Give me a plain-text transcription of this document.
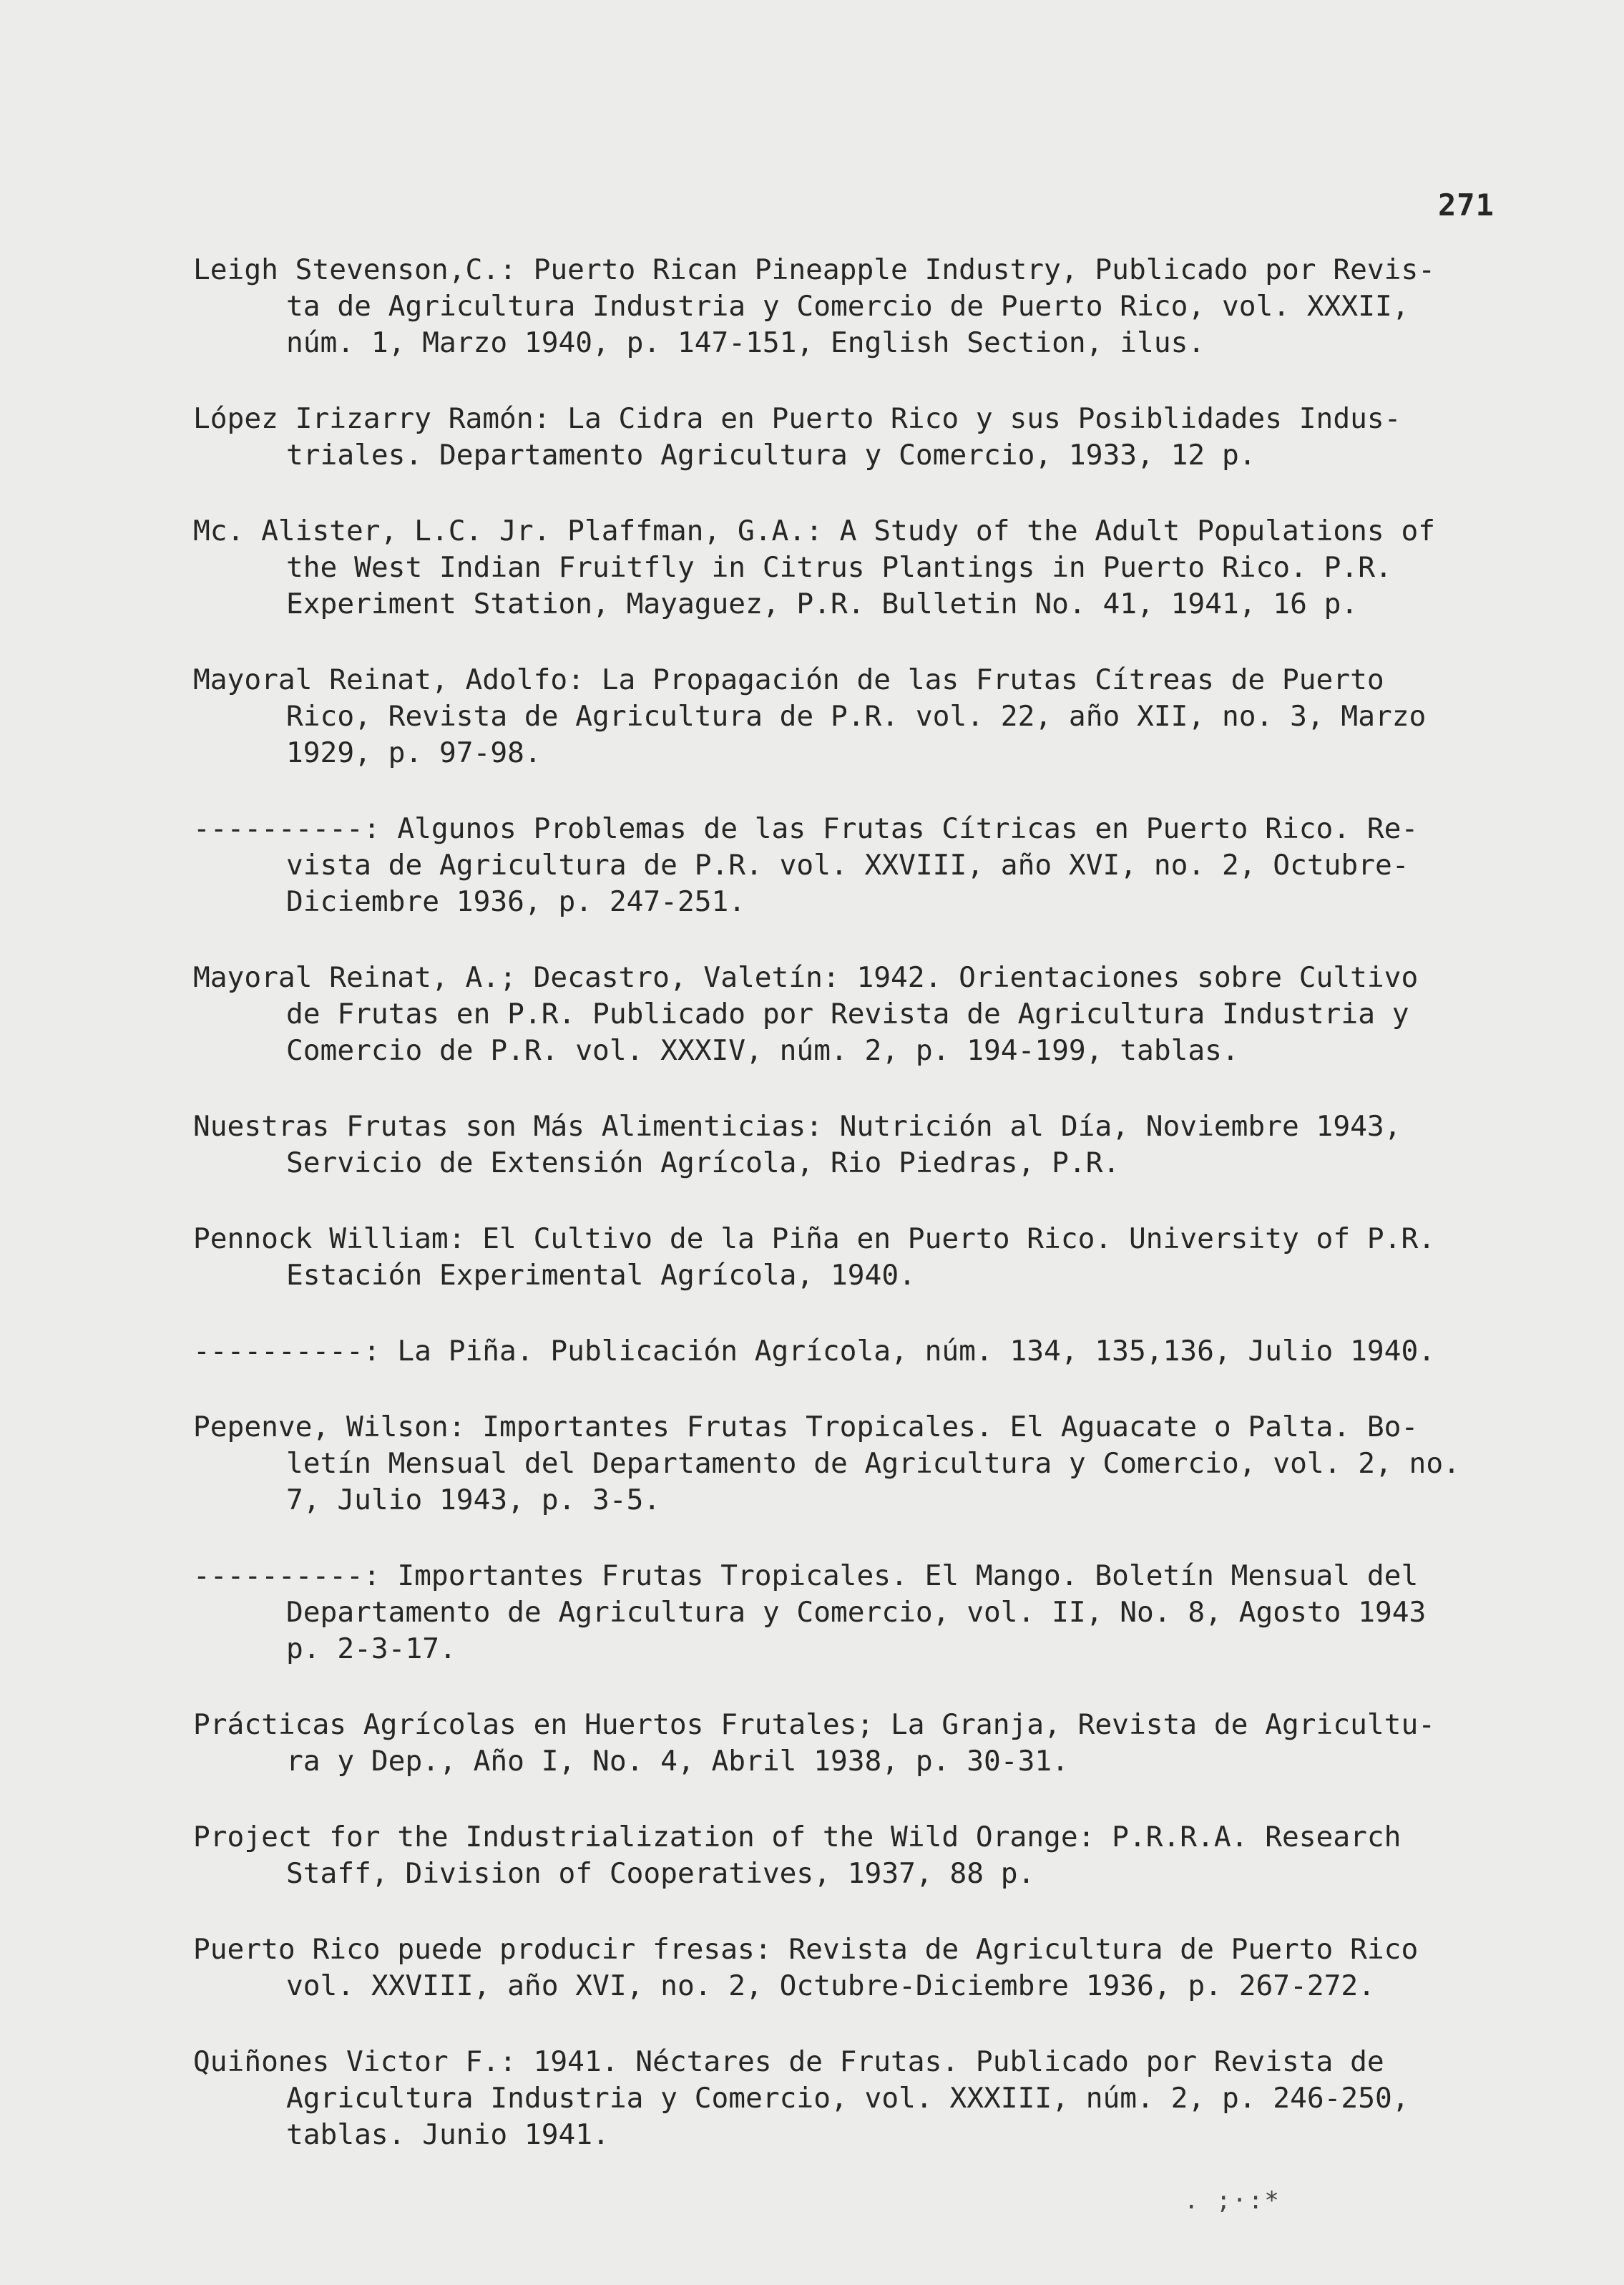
271
Leigh Stevenson,C.: Puerto Rican Pineapple Industry, Publicado por Revis-
ta de Agricultura Industria y Comercio de Puerto Rico, vol. XXXII,
núm. 1, Marzo 1940, p. 147-151, English Section, ilus.
López Irizarry Ramón: La Cidra en Puerto Rico y sus Posiblidades Indus-
triales. Departamento Agricultura y Comercio, 1933, 12 p.
Mc. Alister, L.C. Jr. Plaffman, G.A.: A Study of the Adult Populations of
the West Indian Fruitfly in Citrus Plantings in Puerto Rico. P.R.
Experiment Station, Mayaguez, P.R. Bulletin No. 41, 1941, 16 p.
Mayoral Reinat, Adolfo: La Propagación de las Frutas Cítreas de Puerto
Rico, Revista de Agricultura de P.R. vol. 22, año XII, no. 3, Marzo
1929, p. 97-98.
----------: Algunos Problemas de las Frutas Cítricas en Puerto Rico. Re-
vista de Agricultura de P.R. vol. XXVIII, año XVI, no. 2, Octubre-
Diciembre 1936, p. 247-251.
Mayoral Reinat, A.; Decastro, Valetín: 1942. Orientaciones sobre Cultivo
de Frutas en P.R. Publicado por Revista de Agricultura Industria y
Comercio de P.R. vol. XXXIV, núm. 2, p. 194-199, tablas.
Nuestras Frutas son Más Alimenticias: Nutrición al Día, Noviembre 1943,
Servicio de Extensión Agrícola, Rio Piedras, P.R.
Pennock William: El Cultivo de la Piña en Puerto Rico. University of P.R.
Estación Experimental Agrícola, 1940.
----------: La Piña. Publicación Agrícola, núm. 134, 135,136, Julio 1940.
Pepenve, Wilson: Importantes Frutas Tropicales. El Aguacate o Palta. Bo-
letín Mensual del Departamento de Agricultura y Comercio, vol. 2, no.
7, Julio 1943, p. 3-5.
----------: Importantes Frutas Tropicales. El Mango. Boletín Mensual del
Departamento de Agricultura y Comercio, vol. II, No. 8, Agosto 1943
p. 2-3-17.
Prácticas Agrícolas en Huertos Frutales; La Granja, Revista de Agricultu-
ra y Dep., Año I, No. 4, Abril 1938, p. 30-31.
Project for the Industrialization of the Wild Orange: P.R.R.A. Research
Staff, Division of Cooperatives, 1937, 88 p.
Puerto Rico puede producir fresas: Revista de Agricultura de Puerto Rico
vol. XXVIII, año XVI, no. 2, Octubre-Diciembre 1936, p. 267-272.
Quiñones Victor F.: 1941. Néctares de Frutas. Publicado por Revista de
Agricultura Industria y Comercio, vol. XXXIII, núm. 2, p. 246-250,
tablas. Junio 1941.
. ;·:*
